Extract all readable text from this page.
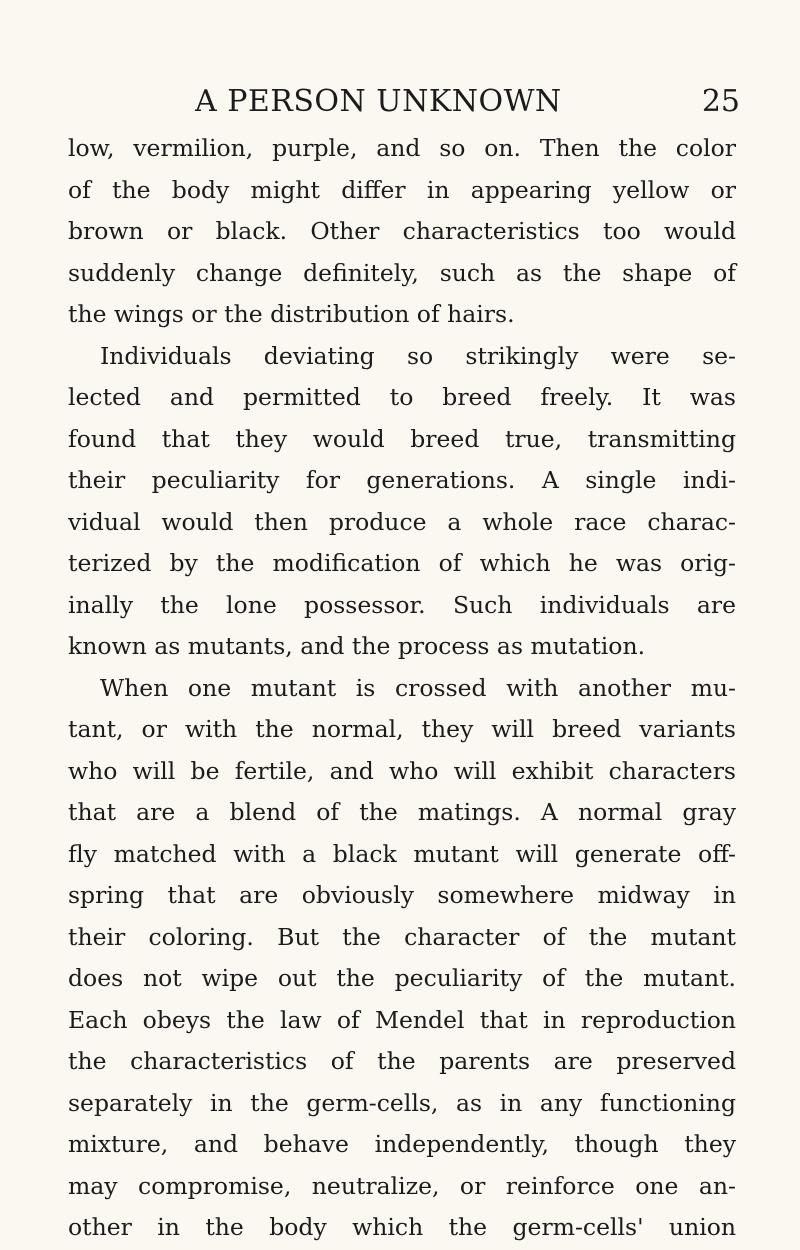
A PERSON UNKNOWN	25
low, vermilion, purple, and so on. Then the color
of the body might differ in appearing yellow or
brown or black. Other characteristics too would
suddenly change definitely, such as the shape of
the wings or the distribution of hairs.
Individuals deviating so strikingly were se-
lected and permitted to breed freely. It was
found that they would breed true, transmitting
their peculiarity for generations. A single indi-
vidual would then produce a whole race charac-
terized by the modification of which he was orig-
inally the lone possessor. Such individuals are
known as mutants, and the process as mutation.
When one mutant is crossed with another mu-
tant, or with the normal, they will breed variants
who will be fertile, and who will exhibit characters
that are a blend of the matings. A normal gray
fly matched with a black mutant will generate off-
spring that are obviously somewhere midway in
their coloring. But the character of the mutant
does not wipe out the peculiarity of the mutant.
Each obeys the law of Mendel that in reproduction
the characteristics of the parents are preserved
separately in the germ-cells, as in any functioning
mixture, and behave independently, though they
may compromise, neutralize, or reinforce one an-
other in the body which the germ-cells' union
